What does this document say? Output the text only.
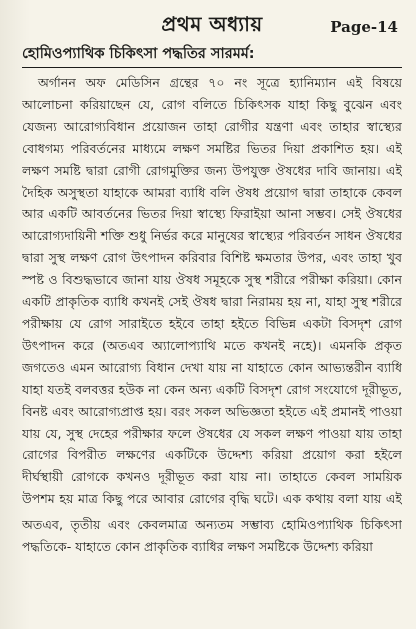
প্রথম অধ্যায়	Page-14
হোমিওপ্যাথিক চিকিৎসা পদ্ধতির সারমর্ম:

অর্গানন অফ মেডিসিন গ্রন্থের ৭০ নং সূত্রে হ্যানিম্যান এই বিষয়ে আলোচনা করিয়াছেন যে, রোগ বলিতে চিকিৎসক যাহা কিছু বুঝেন এবং যেজন্য আরোগ্যবিধান প্রয়োজন তাহা রোগীর যন্ত্রণা এবং তাহার স্বাস্থ্যের বোধগম্য পরিবর্তনের মাধ্যমে লক্ষণ সমষ্টির ভিতর দিয়া প্রকাশিত হয়। এই লক্ষণ সমষ্টি দ্বারা রোগী রোগমুক্তির জন্য উপযুক্ত ঔষধের দাবি জানায়। এই দৈহিক অসুস্থতা যাহাকে আমরা ব্যাধি বলি ঔষধ প্রয়োগ দ্বারা তাহাকে কেবল আর একটি আবর্তনের ভিতর দিয়া স্বাস্থ্যে ফিরাইয়া আনা সম্ভব। সেই ঔষধের আরোগ্যদায়িনী শক্তি শুধু নির্ভর করে মানুষের স্বাস্থ্যের পরিবর্তন সাধন ঔষধের দ্বারা সুস্থ লক্ষণ রোগ উৎপাদন করিবার বিশিষ্ট ক্ষমতার উপর, এবং তাহা খুব স্পষ্ট ও বিশুদ্ধভাবে জানা যায় ঔষধ সমূহকে সুস্থ শরীরে পরীক্ষা করিয়া। কোন একটি প্রাকৃতিক ব্যাধি কখনই সেই ঔষধ দ্বারা নিরাময় হয় না, যাহা সুস্থ শরীরে পরীক্ষায় যে রোগ সারাইতে হইবে তাহা হইতে বিভিন্ন একটা বিসদৃশ রোগ উৎপাদন করে (অতএব অ্যালোপ্যাথি মতে কখনই নহে)। এমনকি প্রকৃত জগতেও এমন আরোগ্য বিধান দেখা যায় না যাহাতে কোন আভ্যন্তরীন ব্যাধি যাহা যতই বলবত্তর হউক না কেন অন্য একটি বিসদৃশ রোগ সংযোগে দূরীভূত, বিনষ্ট এবং আরোগ্যপ্রাপ্ত হয়। বরং সকল অভিজ্ঞতা হইতে এই প্রমানই পাওয়া যায় যে, সুস্থ দেহের পরীক্ষার ফলে ঔষধের যে সকল লক্ষণ পাওয়া যায় তাহা রোগের বিপরীত লক্ষণের একটিকে উদ্দেশ্য করিয়া প্রয়োগ করা হইলে দীর্ঘস্থায়ী রোগকে কখনও দূরীভূত করা যায় না। তাহাতে কেবল সাময়িক উপশম হয় মাত্র কিছু পরে আবার রোগের বৃদ্ধি ঘটে। এক কথায় বলা যায় এই

অতএব, তৃতীয় এবং কেবলমাত্র অন্যতম সম্ভাব্য হোমিওপ্যাথিক চিকিৎসা পদ্ধতিকে- যাহাতে কোন প্রাকৃতিক ব্যাধির লক্ষণ সমষ্টিকে উদ্দেশ্য করিয়া
